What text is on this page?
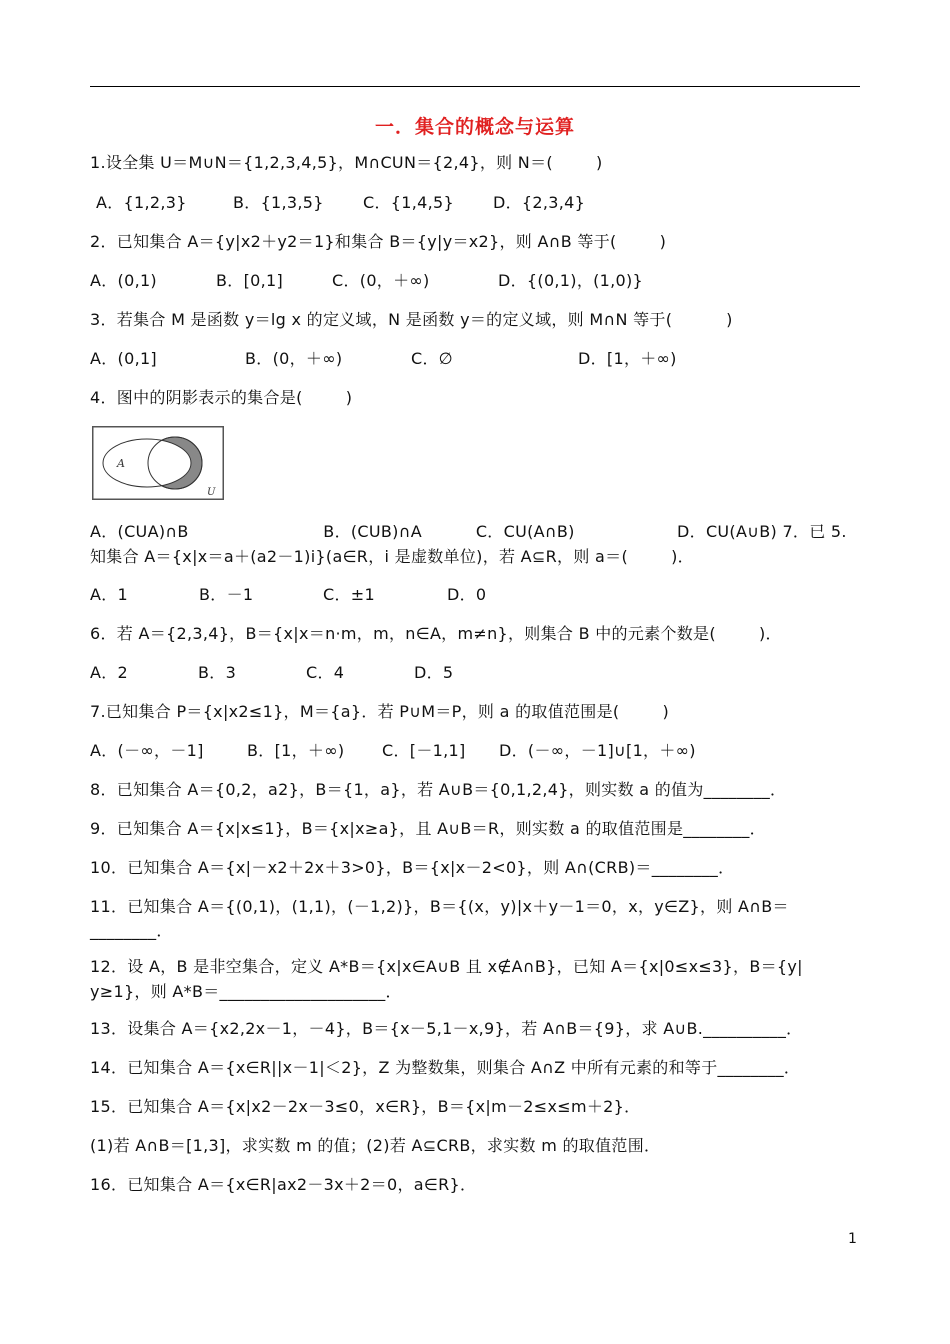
一．集合的概念与运算
1.设全集 U＝M∪N＝{1,2,3,4,5}，M∩CUN＝{2,4}，则 N＝(        )
A．{1,2,3}	B．{1,3,5} C．{1,4,5} D．{2,3,4}
2．已知集合 A＝{y|x2＋y2＝1}和集合 B＝{y|y＝x2}，则 A∩B 等于(        )
A．(0,1)	B．[0,1]	C．(0，＋∞)	D．{(0,1)，(1,0)}
3．若集合 M 是函数 y＝lg x 的定义域，N 是函数 y＝的定义域，则 M∩N 等于(          )
A．(0,1]	B．(0，＋∞)	C．∅	D．[1，＋∞)
4．图中的阴影表示的集合是(        )
A	B
U
A．(CUA)∩B                         B．(CUB)∩A          C．CU(A∩B)                   D．CU(A∪B) 7．已 5.
知集合 A＝{x|x＝a＋(a2－1)i}(a∈R，i 是虚数单位)，若 A⊆R，则 a＝(        )．
A．1	B．－1	C．±1	D．0
6．若 A＝{2,3,4}，B＝{x|x＝n·m，m，n∈A，m≠n}，则集合 B 中的元素个数是(        )．
A．2	B．3	C．4	D．5
7.已知集合 P＝{x|x2≤1}，M＝{a}．若 P∪M＝P，则 a 的取值范围是(        )
A．(－∞，－1]	B．[1，＋∞) C．[－1,1] D．(－∞，－1]∪[1，＋∞)
8．已知集合 A＝{0,2，a2}，B＝{1，a}，若 A∪B＝{0,1,2,4}，则实数 a 的值为________．
9．已知集合 A＝{x|x≤1}，B＝{x|x≥a}，且 A∪B＝R，则实数 a 的取值范围是________．
10．已知集合 A＝{x|－x2＋2x＋3>0}，B＝{x|x－2<0}，则 A∩(CRB)＝________．
11．已知集合 A＝{(0,1)，(1,1)，(－1,2)}，B＝{(x，y)|x＋y－1＝0，x，y∈Z}，则 A∩B＝
________．
12．设 A，B 是非空集合，定义 A*B＝{x|x∈A∪B 且 x∉A∩B}，已知 A＝{x|0≤x≤3}，B＝{y|
y≥1}，则 A*B＝____________________．
13．设集合 A＝{x2,2x－1，－4}，B＝{x－5,1－x,9}，若 A∩B＝{9}，求 A∪B.__________．
14．已知集合 A＝{x∈R||x－1|＜2}，Z 为整数集，则集合 A∩Z 中所有元素的和等于________．
15．已知集合 A＝{x|x2－2x－3≤0，x∈R}，B＝{x|m－2≤x≤m＋2}．
(1)若 A∩B＝[1,3]，求实数 m 的值；(2)若 A⊆CRB，求实数 m 的取值范围．
16．已知集合 A＝{x∈R|ax2－3x＋2＝0，a∈R}．
1
